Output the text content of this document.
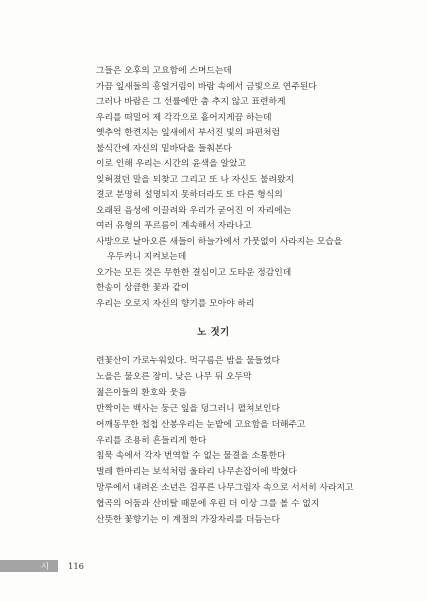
그들은 오후의 고요함에 스며드는데
가끔 잎새들의 흥얼거림이 바람 속에서 금빛으로 연주된다
그러나 바람은 그 선률에만 춤 추지 않고 표련하게
우리를 떠밀어 제 각각으로 흩어지게끔 하는데
옛추억 한켠지는 잎새에서 부서진 빛의 파편처럼
불식간에 자신의 밑바닥을 들춰본다
이로 인해 우리는 시간의 윤색을 알았고
잊혀졌던 말을 되찾고 그리고 또 나 자신도 불려왔지
결코 분명히 설명되지 못하더라도 또 다른 형식의
오래된 음성에 이끌려와 우리가 굳어진 이 자리에는
여러 유형의 푸르름이 계속해서 자라나고
사방으로 날아오른 새들이 하늘가에서 가뭇없이 사라지는 모습을
우두커니 지켜보는데
오가는 모든 것은 무한한 결심이고 도타운 정감인데
한송이 상큼한 꽃과 같이
우리는 오로지 자신의 향기를 모아야 하리
노 젓기
련꽃산이 가로누워있다. 먹구름은 밤을 물들였다
노을은 물오른 장미. 낮은 나무 뒤 오두막
젊은이들의 환호와 웃음
반짝이는 백사는 둥근 잎을 덩그러니 펼쳐보인다
어깨동무한 첩첩 산봉우리는 눈밭에 고요함을 더해주고
우리를 조용히 흔들리게 한다
침묵 속에서 각자 번역할 수 없는 물결을 소통한다
벌레 한마리는 보석처럼 울타리 나무손잡이에 박혔다
망루에서 내려온 소년은 검푸른 나무그림자 속으로 서서히 사라지고
협곡의 어둠과 산비탈 때문에 우린 더 이상 그를 볼 수 없지
산뜻한 꽃향기는 이 계절의 가장자리를 더듬는다
시 116
